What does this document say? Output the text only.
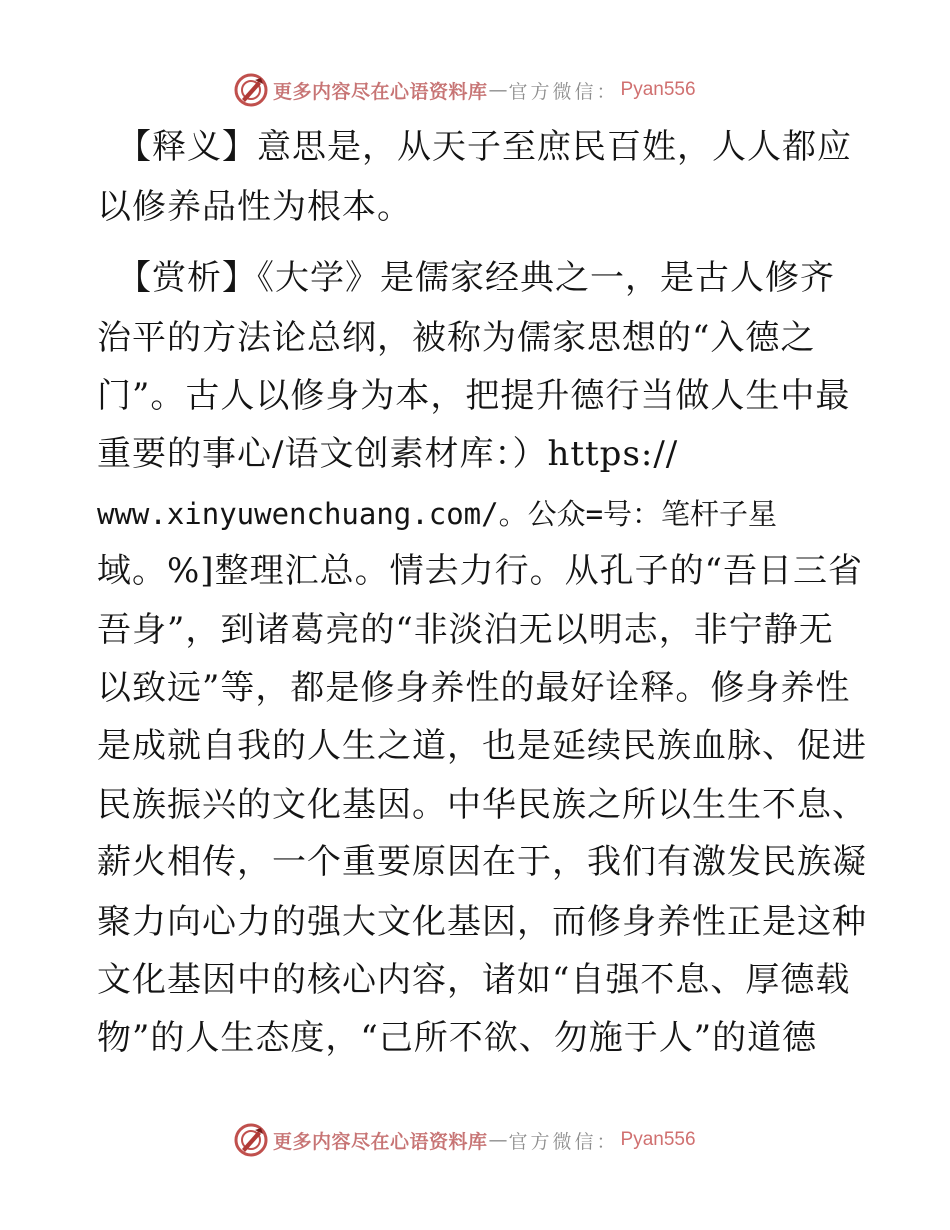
更多内容尽在心语资料库 — 官方微信： Pyan556
【释义】意思是，从天子至庶民百姓，人人都应
以修养品性为根本。
【赏析】《大学》是儒家经典之一，是古人修齐
治平的方法论总纲，被称为儒家思想的“入德之
门”。古人以修身为本，把提升德行当做人生中最
重要的事心/语文创素材库：）https://
www.xinyuwenchuang.com/。公众=号：笔杆子星
域。%]整理汇总。情去力行。从孔子的“吾日三省
吾身”，到诸葛亮的“非淡泊无以明志，非宁静无
以致远”等，都是修身养性的最好诠释。修身养性
是成就自我的人生之道，也是延续民族血脉、促进
民族振兴的文化基因。中华民族之所以生生不息、
薪火相传，一个重要原因在于，我们有激发民族凝
聚力向心力的强大文化基因，而修身养性正是这种
文化基因中的核心内容，诸如“自强不息、厚德载
物”的人生态度，“己所不欲、勿施于人”的道德
更多内容尽在心语资料库 — 官方微信： Pyan556
